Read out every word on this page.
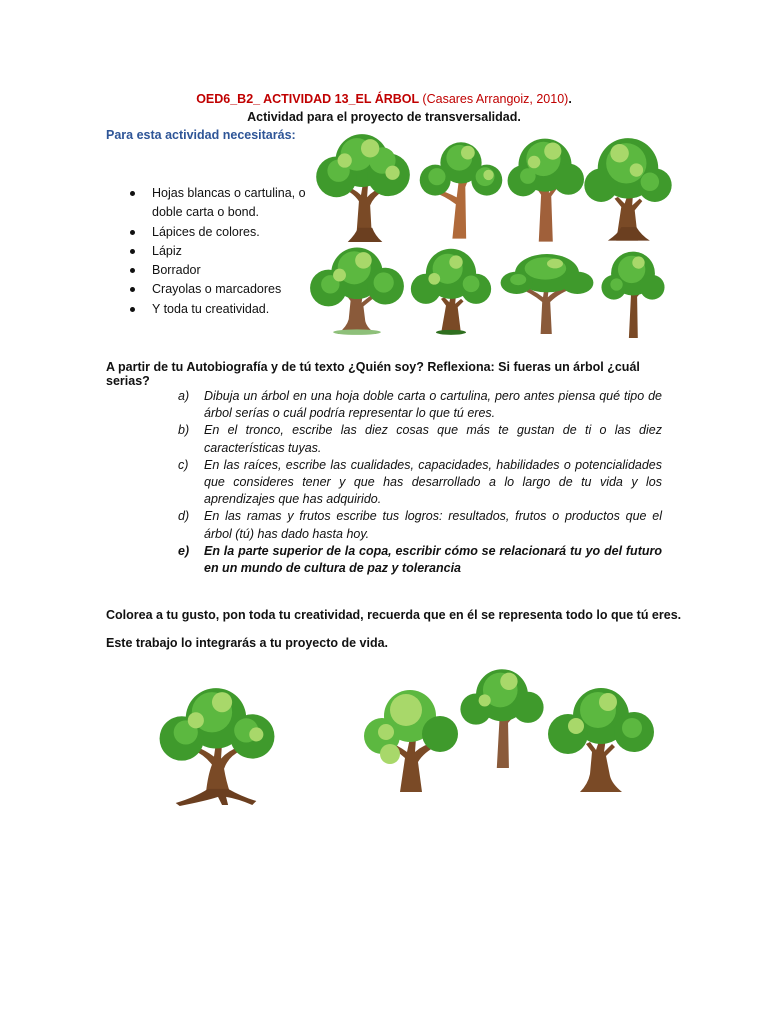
OED6_B2_ ACTIVIDAD 13_EL ÁRBOL (Casares Arrangoiz, 2010).
Actividad para el proyecto de transversalidad.
Para esta actividad necesitarás:
Hojas blancas o cartulina, o doble carta o bond.
Lápices de colores.
Lápiz
Borrador
Crayolas o marcadores
Y toda tu creatividad.
A partir de tu Autobiografía y de tú texto ¿Quién soy? Reflexiona: Si fueras un árbol ¿cuál serias?
a) Dibuja un árbol en una hoja doble carta o cartulina, pero antes piensa qué tipo de árbol serías o cuál podría representar lo que tú eres.
b) En el tronco, escribe las diez cosas que más te gustan de ti o las diez características tuyas.
c) En las raíces, escribe las cualidades, capacidades, habilidades o potencialidades que consideres tener y que has desarrollado a lo largo de tu vida y los aprendizajes que has adquirido.
d) En las ramas y frutos escribe tus logros: resultados, frutos o productos que el árbol (tú) has dado hasta hoy.
e) En la parte superior de la copa, escribir cómo se relacionará tu yo del futuro en un mundo de cultura de paz y tolerancia
Colorea a tu gusto, pon toda tu creatividad, recuerda que en él se representa todo lo que tú eres.
Este trabajo lo integrarás a tu proyecto de vida.
